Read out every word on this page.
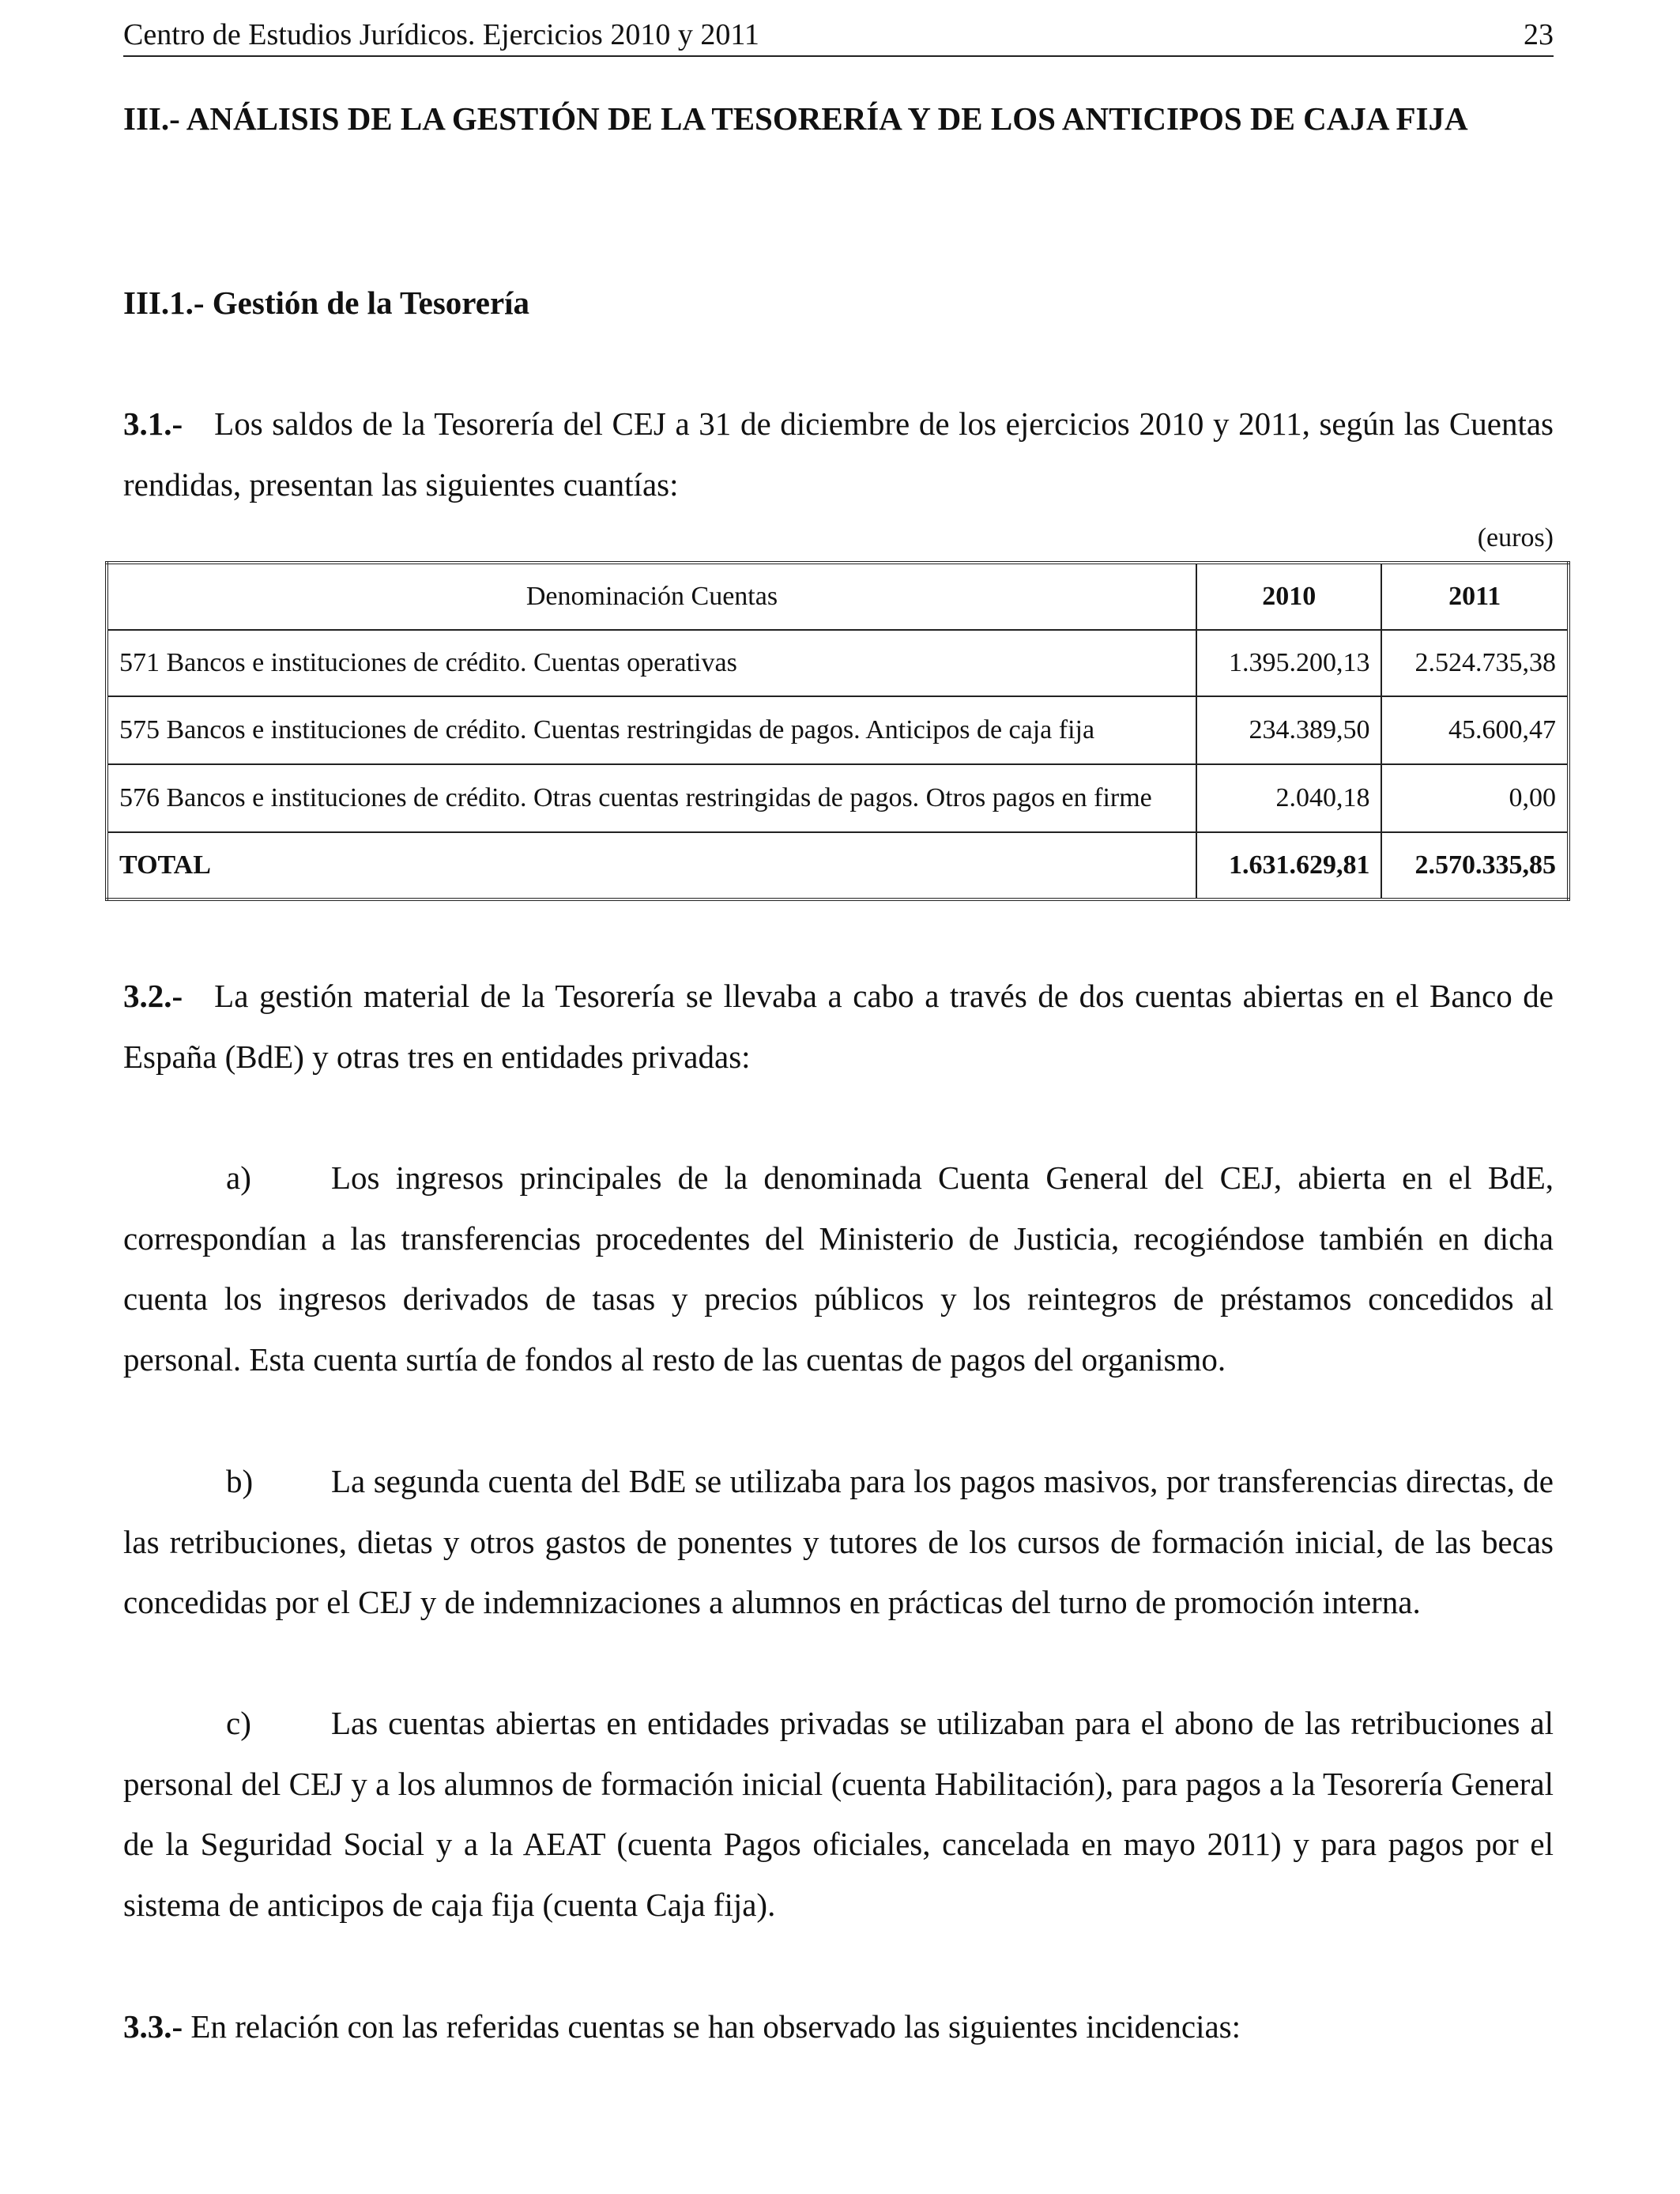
Centro de Estudios Jurídicos. Ejercicios 2010 y 2011	23
III.- ANÁLISIS DE LA GESTIÓN DE LA TESORERÍA Y DE LOS ANTICIPOS DE CAJA FIJA
III.1.- Gestión de la Tesorería
3.1.- Los saldos de la Tesorería del CEJ a 31 de diciembre de los ejercicios 2010 y 2011, según las Cuentas rendidas, presentan las siguientes cuantías:
(euros)
Denominación Cuentas	2010	2011
571 Bancos e instituciones de crédito. Cuentas operativas	1.395.200,13	2.524.735,38
575 Bancos e instituciones de crédito. Cuentas restringidas de pagos. Anticipos de caja fija	234.389,50	45.600,47
576 Bancos e instituciones de crédito. Otras cuentas restringidas de pagos. Otros pagos en firme	2.040,18	0,00
TOTAL	1.631.629,81	2.570.335,85
3.2.- La gestión material de la Tesorería se llevaba a cabo a través de dos cuentas abiertas en el Banco de España (BdE) y otras tres en entidades privadas:
a) Los ingresos principales de la denominada Cuenta General del CEJ, abierta en el BdE, correspondían a las transferencias procedentes del Ministerio de Justicia, recogiéndose también en dicha cuenta los ingresos derivados de tasas y precios públicos y los reintegros de préstamos concedidos al personal. Esta cuenta surtía de fondos al resto de las cuentas de pagos del organismo.
b) La segunda cuenta del BdE se utilizaba para los pagos masivos, por transferencias directas, de las retribuciones, dietas y otros gastos de ponentes y tutores de los cursos de formación inicial, de las becas concedidas por el CEJ y de indemnizaciones a alumnos en prácticas del turno de promoción interna.
c) Las cuentas abiertas en entidades privadas se utilizaban para el abono de las retribuciones al personal del CEJ y a los alumnos de formación inicial (cuenta Habilitación), para pagos a la Tesorería General de la Seguridad Social y a la AEAT (cuenta Pagos oficiales, cancelada en mayo 2011) y para pagos por el sistema de anticipos de caja fija (cuenta Caja fija).
3.3.- En relación con las referidas cuentas se han observado las siguientes incidencias:
